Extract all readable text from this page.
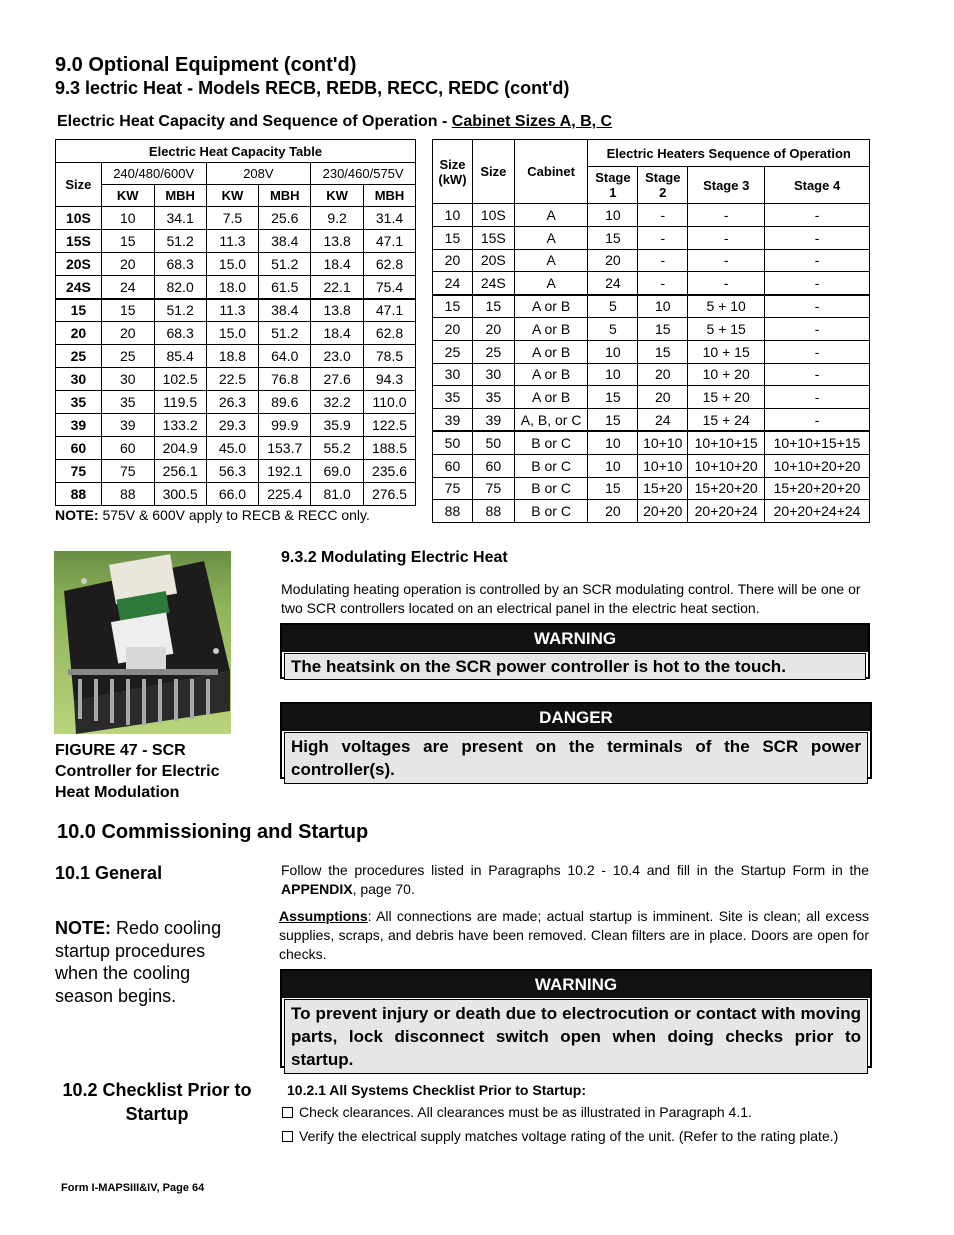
9.0 Optional Equipment (cont'd)
9.3 lectric Heat - Models RECB, REDB, RECC, REDC (cont'd)
Electric Heat Capacity and Sequence of Operation - Cabinet Sizes A, B, C
Electric Heat Capacity Table						
Size	240/480/600V		208V		230/460/575V	
	KW	MBH	KW	MBH	KW	MBH
10S	10	34.1	7.5	25.6	9.2	31.4
15S	15	51.2	11.3	38.4	13.8	47.1
20S	20	68.3	15.0	51.2	18.4	62.8
24S	24	82.0	18.0	61.5	22.1	75.4
15	15	51.2	11.3	38.4	13.8	47.1
20	20	68.3	15.0	51.2	18.4	62.8
25	25	85.4	18.8	64.0	23.0	78.5
30	30	102.5	22.5	76.8	27.6	94.3
35	35	119.5	26.3	89.6	32.2	110.0
39	39	133.2	29.3	99.9	35.9	122.5
60	60	204.9	45.0	153.7	55.2	188.5
75	75	256.1	56.3	192.1	69.0	235.6
88	88	300.5	66.0	225.4	81.0	276.5
NOTE: 575V & 600V apply to RECB & RECC only.
Size (kW)	Size	Cabinet	Electric Heaters Sequence of Operation			
			Stage 1	Stage 2	Stage 3	Stage 4
10	10S	A	10	-	-	-
15	15S	A	15	-	-	-
20	20S	A	20	-	-	-
24	24S	A	24	-	-	-
15	15	A or B	5	10	5 + 10	-
20	20	A or B	5	15	5 + 15	-
25	25	A or B	10	15	10 + 15	-
30	30	A or B	10	20	10 + 20	-
35	35	A or B	15	20	15 + 20	-
39	39	A, B, or C	15	24	15 + 24	-
50	50	B or C	10	10+10	10+10+15	10+10+15+15
60	60	B or C	10	10+10	10+10+20	10+10+20+20
75	75	B or C	15	15+20	15+20+20	15+20+20+20
88	88	B or C	20	20+20	20+20+24	20+20+24+24
FIGURE 47 - SCR Controller for Electric Heat Modulation
9.3.2 Modulating Electric Heat
Modulating heating operation is controlled by an SCR modulating control. There will be one or two SCR controllers located on an electrical panel in the electric heat section.
WARNING
The heatsink on the SCR power controller is hot to the touch.
DANGER
High voltages are present on the terminals of the SCR power controller(s).
10.0 Commissioning and Startup
10.1 General
NOTE: Redo cooling startup procedures when the cooling season begins.
Follow the procedures listed in Paragraphs 10.2 - 10.4 and fill in the Startup Form in the APPENDIX, page 70.
Assumptions: All connections are made; actual startup is imminent. Site is clean; all excess supplies, scraps, and debris have been removed. Clean filters are in place. Doors are open for checks.
WARNING
To prevent injury or death due to electrocution or contact with moving parts, lock disconnect switch open when doing checks prior to startup.
10.2 Checklist Prior to Startup
10.2.1 All Systems Checklist Prior to Startup:
Check clearances. All clearances must be as illustrated in Paragraph 4.1.
Verify the electrical supply matches voltage rating of the unit. (Refer to the rating plate.)
Form I-MAPSIII&IV, Page 64
